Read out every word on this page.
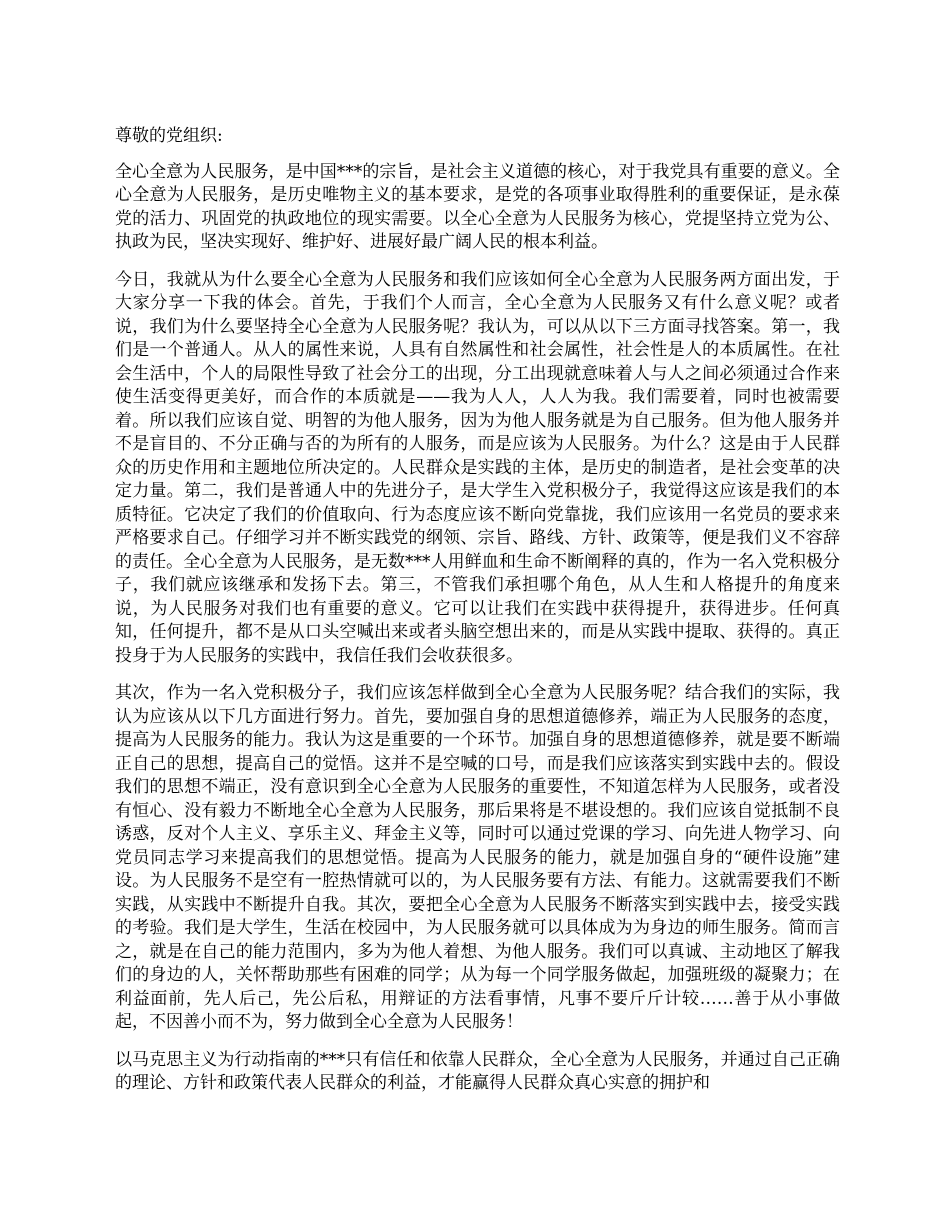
尊敬的党组织:

全心全意为人民服务，是中国***的宗旨，是社会主义道德的核心，对于我党具有重要的意义。全心全意为人民服务，是历史唯物主义的基本要求，是党的各项事业取得胜利的重要保证，是永葆党的活力、巩固党的执政地位的现实需要。以全心全意为人民服务为核心，党提坚持立党为公、执政为民，坚决实现好、维护好、进展好最广阔人民的根本利益。

今日，我就从为什么要全心全意为人民服务和我们应该如何全心全意为人民服务两方面出发，于大家分享一下我的体会。首先，于我们个人而言，全心全意为人民服务又有什么意义呢？或者说，我们为什么要坚持全心全意为人民服务呢？我认为，可以从以下三方面寻找答案。第一，我们是一个普通人。从人的属性来说，人具有自然属性和社会属性，社会性是人的本质属性。在社会生活中，个人的局限性导致了社会分工的出现，分工出现就意味着人与人之间必须通过合作来使生活变得更美好，而合作的本质就是——我为人人，人人为我。我们需要着，同时也被需要着。所以我们应该自觉、明智的为他人服务，因为为他人服务就是为自己服务。但为他人服务并不是盲目的、不分正确与否的为所有的人服务，而是应该为人民服务。为什么？这是由于人民群众的历史作用和主题地位所决定的。人民群众是实践的主体，是历史的制造者，是社会变革的决定力量。第二，我们是普通人中的先进分子，是大学生入党积极分子，我觉得这应该是我们的本质特征。它决定了我们的价值取向、行为态度应该不断向党靠拢，我们应该用一名党员的要求来严格要求自己。仔细学习并不断实践党的纲领、宗旨、路线、方针、政策等，便是我们义不容辞的责任。全心全意为人民服务，是无数***人用鲜血和生命不断阐释的真的，作为一名入党积极分子，我们就应该继承和发扬下去。第三，不管我们承担哪个角色，从人生和人格提升的角度来说，为人民服务对我们也有重要的意义。它可以让我们在实践中获得提升，获得进步。任何真知，任何提升，都不是从口头空喊出来或者头脑空想出来的，而是从实践中提取、获得的。真正投身于为人民服务的实践中，我信任我们会收获很多。

其次，作为一名入党积极分子，我们应该怎样做到全心全意为人民服务呢？结合我们的实际，我认为应该从以下几方面进行努力。首先，要加强自身的思想道德修养，端正为人民服务的态度，提高为人民服务的能力。我认为这是重要的一个环节。加强自身的思想道德修养，就是要不断端正自己的思想，提高自己的觉悟。这并不是空喊的口号，而是我们应该落实到实践中去的。假设我们的思想不端正，没有意识到全心全意为人民服务的重要性，不知道怎样为人民服务，或者没有恒心、没有毅力不断地全心全意为人民服务，那后果将是不堪设想的。我们应该自觉抵制不良诱惑，反对个人主义、享乐主义、拜金主义等，同时可以通过党课的学习、向先进人物学习、向党员同志学习来提高我们的思想觉悟。提高为人民服务的能力，就是加强自身的“硬件设施”建设。为人民服务不是空有一腔热情就可以的，为人民服务要有方法、有能力。这就需要我们不断实践，从实践中不断提升自我。其次，要把全心全意为人民服务不断落实到实践中去，接受实践的考验。我们是大学生，生活在校园中，为人民服务就可以具体成为为身边的师生服务。简而言之，就是在自己的能力范围内，多为为他人着想、为他人服务。我们可以真诚、主动地区了解我们的身边的人，关怀帮助那些有困难的同学；从为每一个同学服务做起，加强班级的凝聚力；在利益面前，先人后己，先公后私，用辩证的方法看事情，凡事不要斤斤计较……善于从小事做起，不因善小而不为，努力做到全心全意为人民服务！

以马克思主义为行动指南的***只有信任和依靠人民群众，全心全意为人民服务，并通过自己正确的理论、方针和政策代表人民群众的利益，才能赢得人民群众真心实意的拥护和
